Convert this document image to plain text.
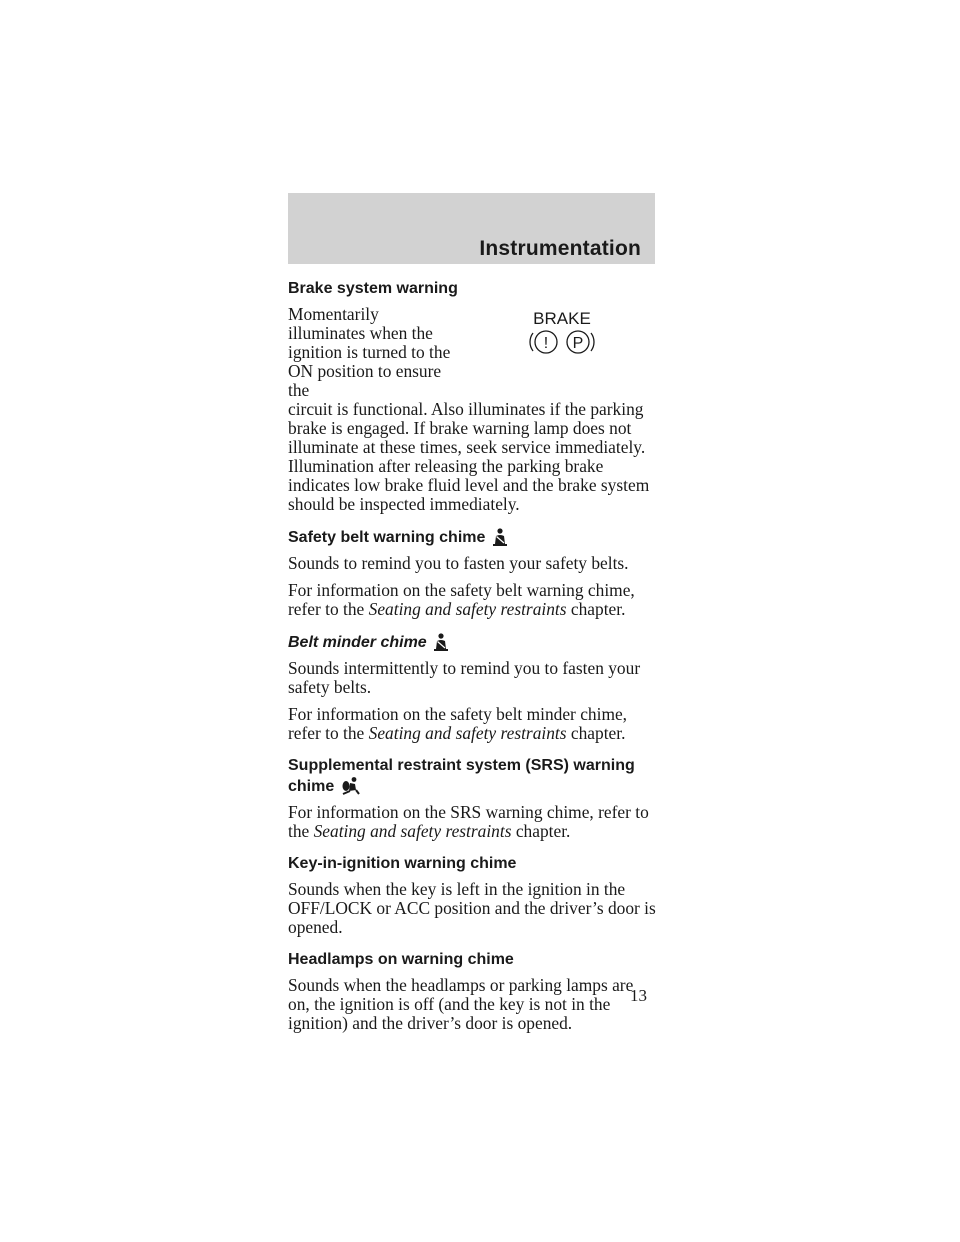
Instrumentation
Brake system warning
BRAKE
! P
Momentarily illuminates when the ignition is turned to the ON position to ensure the
circuit is functional. Also illuminates if the parking brake is engaged. If brake warning lamp does not illuminate at these times, seek service immediately. Illumination after releasing the parking brake indicates low brake fluid level and the brake system should be inspected immediately.
Safety belt warning chime
Sounds to remind you to fasten your safety belts.
For information on the safety belt warning chime, refer to the Seating and safety restraints chapter.
Belt minder chime
Sounds intermittently to remind you to fasten your safety belts.
For information on the safety belt minder chime, refer to the Seating and safety restraints chapter.
Supplemental restraint system (SRS) warning
chime
For information on the SRS warning chime, refer to the Seating and safety restraints chapter.
Key-in-ignition warning chime
Sounds when the key is left in the ignition in the OFF/LOCK or ACC position and the driver’s door is opened.
Headlamps on warning chime
Sounds when the headlamps or parking lamps are on, the ignition is off (and the key is not in the ignition) and the driver’s door is opened.
13
